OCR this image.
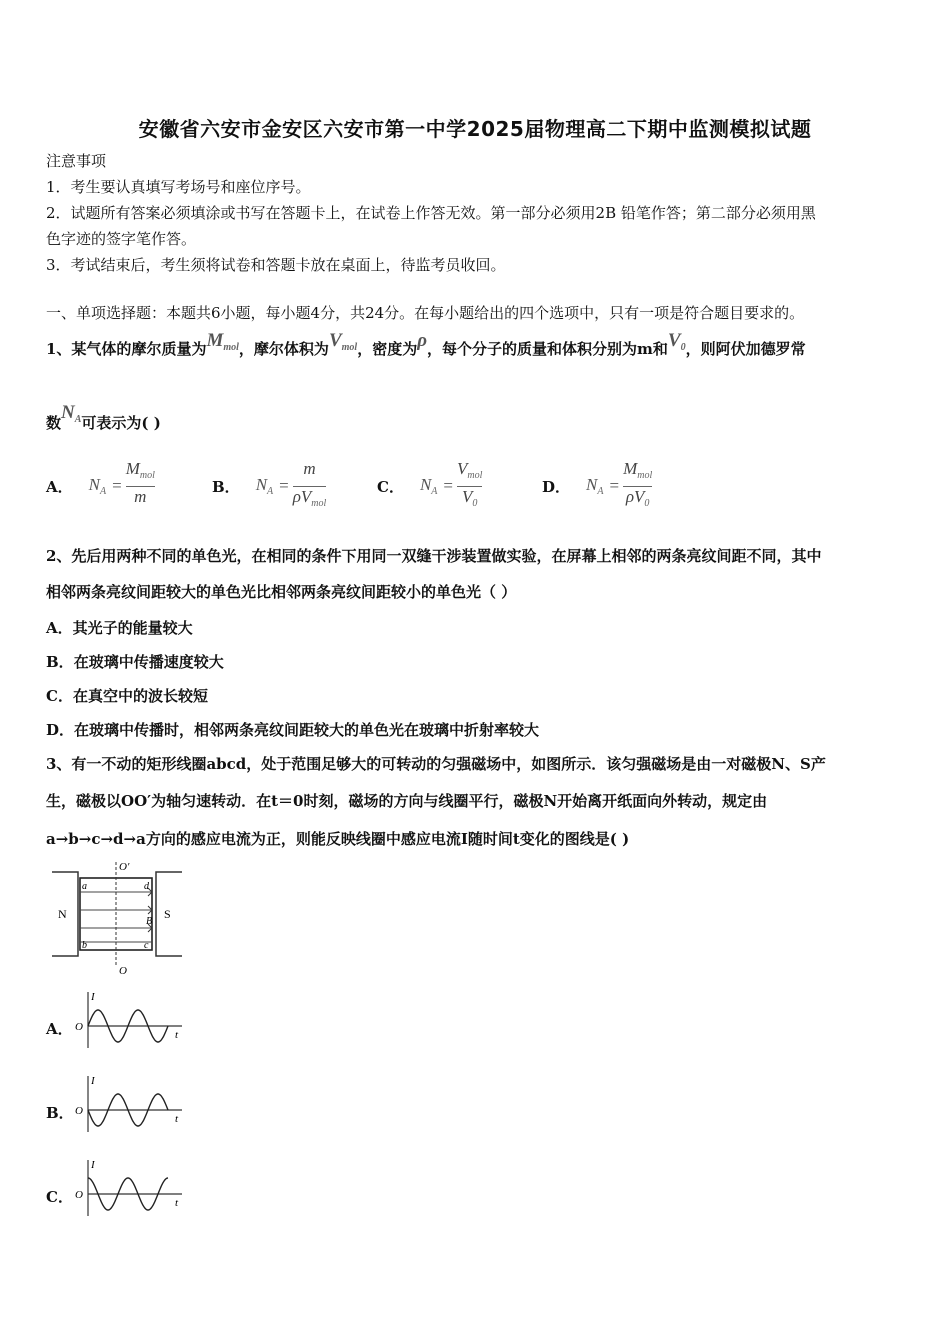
安徽省六安市金安区六安市第一中学2025届物理高二下期中监测模拟试题
注意事项
1．考生要认真填写考场号和座位序号。
2．试题所有答案必须填涂或书写在答题卡上，在试卷上作答无效。第一部分必须用2B 铅笔作答；第二部分必须用黑
色字迹的签字笔作答。
3．考试结束后，考生须将试卷和答题卡放在桌面上，待监考员收回。
一、单项选择题：本题共6小题，每小题4分，共24分。在每小题给出的四个选项中，只有一项是符合题目要求的。
1、某气体的摩尔质量为$M_{mol}$，摩尔体积为$V_{mol}$，密度为ρ，每个分子的质量和体积分别为m和$V_0$，则阿伏加德罗常
数$N_A$可表示为( )
A． $N_A = \frac{M_{mol}}{m}$	B． $N_A = \frac{m}{\rho V_{mol}}$	C． $N_A = \frac{V_{mol}}{V_0}$	D． $N_A = \frac{M_{mol}}{\rho V_0}$
2、先后用两种不同的单色光，在相同的条件下用同一双缝干涉装置做实验，在屏幕上相邻的两条亮纹间距不同，其中
相邻两条亮纹间距较大的单色光比相邻两条亮纹间距较小的单色光（ ）
A．其光子的能量较大
B．在玻璃中传播速度较大
C．在真空中的波长较短
D．在玻璃中传播时，相邻两条亮纹间距较大的单色光在玻璃中折射率较大
3、有一不动的矩形线圈abcd，处于范围足够大的可转动的匀强磁场中，如图所示．该匀强磁场是由一对磁极N、S产
生，磁极以OO′为轴匀速转动．在t＝0时刻，磁场的方向与线圈平行，磁极N开始离开纸面向外转动，规定由
a→b→c→d→a方向的感应电流为正，则能反映线圈中感应电流I随时间t变化的图线是( )
N	S
O′
O
a
b	c
d
B
A．
I
O
t
B．
I
O
t
C．
I
O
t
